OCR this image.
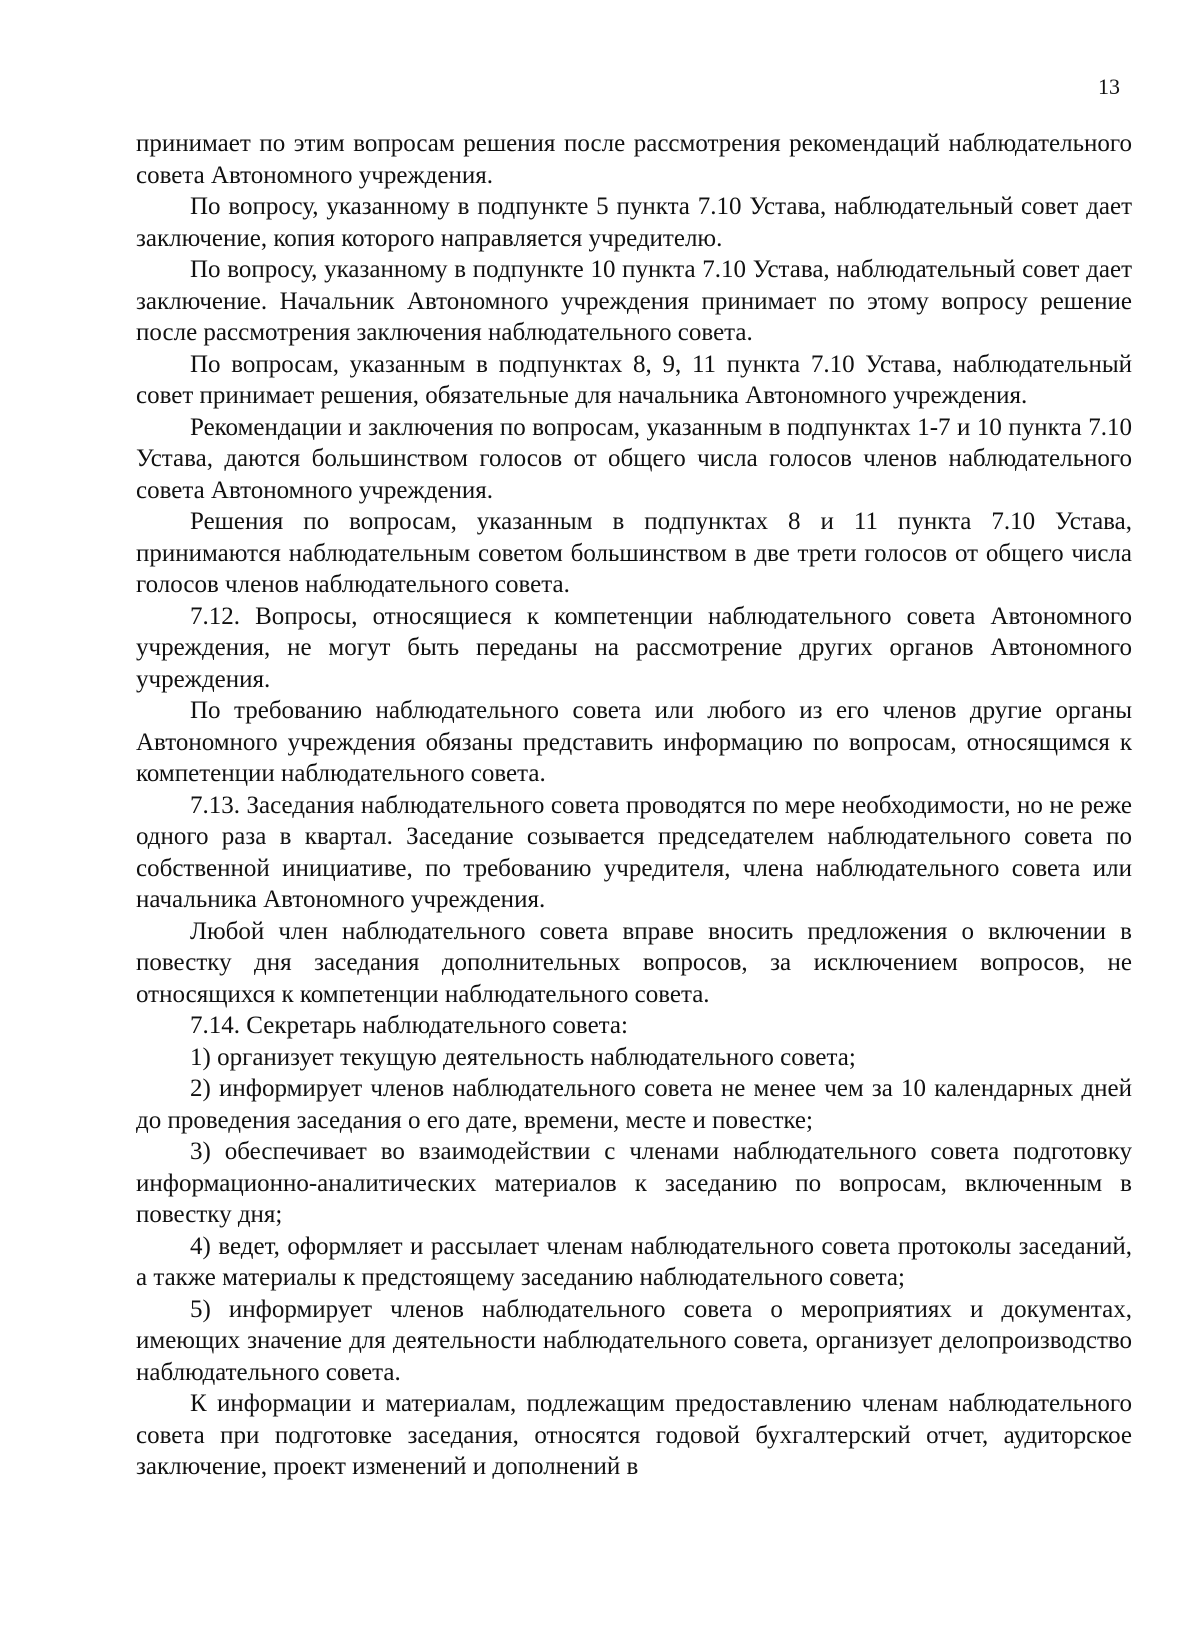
13

принимает по этим вопросам решения после рассмотрения рекомендаций наблюдательного совета Автономного учреждения.

По вопросу, указанному в подпункте 5 пункта 7.10 Устава, наблюдательный совет дает заключение, копия которого направляется учредителю.

По вопросу, указанному в подпункте 10 пункта 7.10 Устава, наблюдательный совет дает заключение. Начальник Автономного учреждения принимает по этому вопросу решение после рассмотрения заключения наблюдательного совета.

По вопросам, указанным в подпунктах 8, 9, 11 пункта 7.10 Устава, наблюдательный совет принимает решения, обязательные для начальника Автономного учреждения.

Рекомендации и заключения по вопросам, указанным в подпунктах 1-7 и 10 пункта 7.10 Устава, даются большинством голосов от общего числа голосов членов наблюдательного совета Автономного учреждения.

Решения по вопросам, указанным в подпунктах 8 и 11 пункта 7.10 Устава, принимаются наблюдательным советом большинством в две трети голосов от общего числа голосов членов наблюдательного совета.

7.12. Вопросы, относящиеся к компетенции наблюдательного совета Автономного учреждения, не могут быть переданы на рассмотрение других органов Автономного учреждения.

По требованию наблюдательного совета или любого из его членов другие органы Автономного учреждения обязаны представить информацию по вопросам, относящимся к компетенции наблюдательного совета.

7.13. Заседания наблюдательного совета проводятся по мере необходимости, но не реже одного раза в квартал. Заседание созывается председателем наблюдательного совета по собственной инициативе, по требованию учредителя, члена наблюдательного совета или начальника Автономного учреждения.

Любой член наблюдательного совета вправе вносить предложения о включении в повестку дня заседания дополнительных вопросов, за исключением вопросов, не относящихся к компетенции наблюдательного совета.

7.14. Секретарь наблюдательного совета:

1) организует текущую деятельность наблюдательного совета;

2) информирует членов наблюдательного совета не менее чем за 10 календарных дней до проведения заседания о его дате, времени, месте и повестке;

3) обеспечивает во взаимодействии с членами наблюдательного совета подготовку информационно-аналитических материалов к заседанию по вопросам, включенным в повестку дня;

4) ведет, оформляет и рассылает членам наблюдательного совета протоколы заседаний, а также материалы к предстоящему заседанию наблюдательного совета;

5) информирует членов наблюдательного совета о мероприятиях и документах, имеющих значение для деятельности наблюдательного совета, организует делопроизводство наблюдательного совета.

К информации и материалам, подлежащим предоставлению членам наблюдательного совета при подготовке заседания, относятся годовой бухгалтерский отчет, аудиторское заключение, проект изменений и дополнений в
